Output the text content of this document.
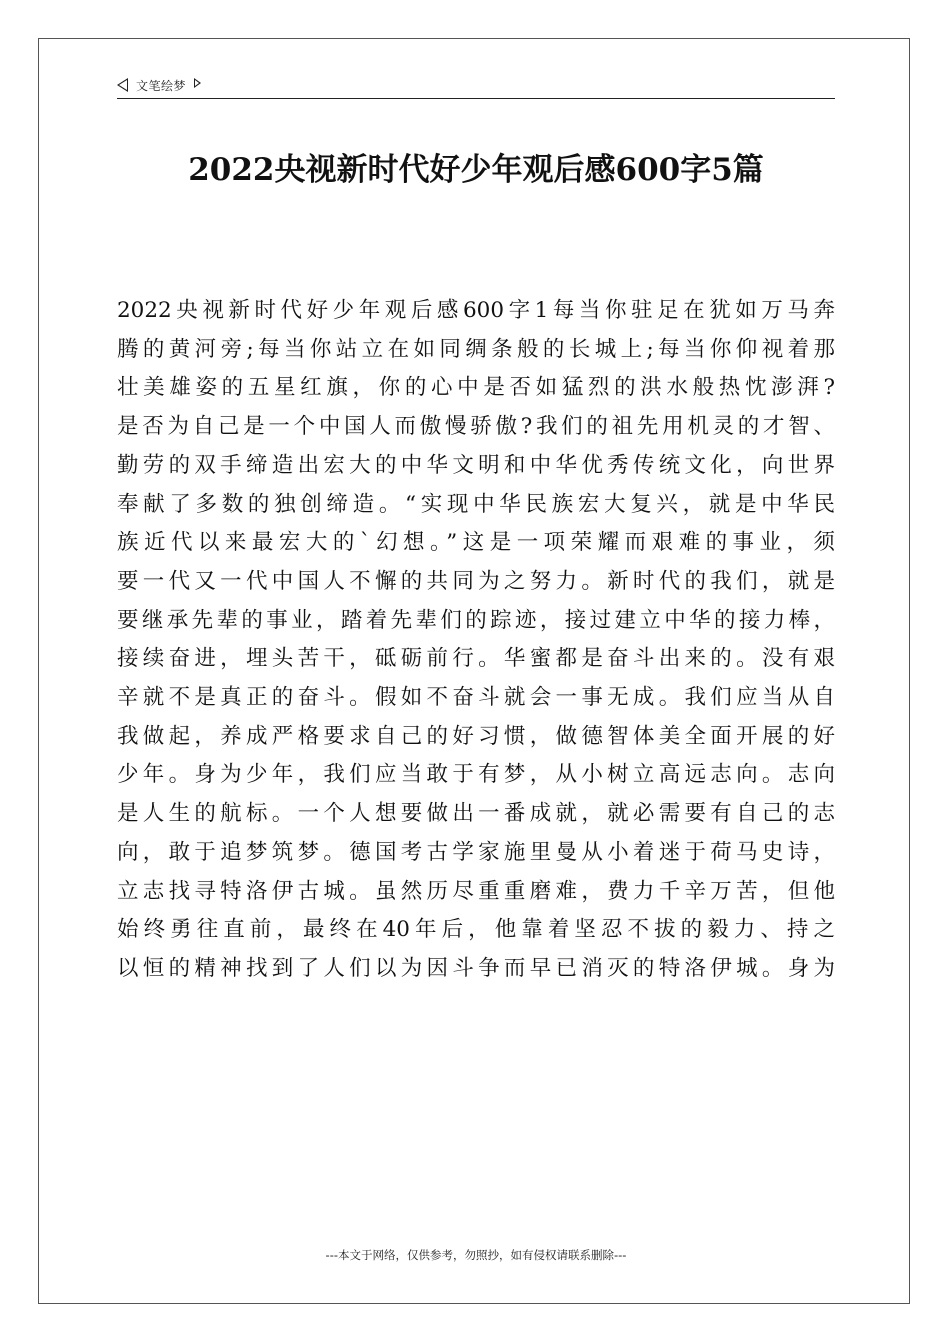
文笔绘梦
2022央视新时代好少年观后感600字5篇
2022央视新时代好少年观后感600字1每当你驻足在犹如万马奔
腾的黄河旁;每当你站立在如同绸条般的长城上;每当你仰视着那
壮美雄姿的五星红旗，你的心中是否如猛烈的洪水般热忱澎湃?
是否为自己是一个中国人而傲慢骄傲?我们的祖先用机灵的才智、
勤劳的双手缔造出宏大的中华文明和中华优秀传统文化，向世界
奉献了多数的独创缔造。“实现中华民族宏大复兴，就是中华民
族近代以来最宏大的`幻想。”这是一项荣耀而艰难的事业，须
要一代又一代中国人不懈的共同为之努力。新时代的我们，就是
要继承先辈的事业，踏着先辈们的踪迹，接过建立中华的接力棒，
接续奋进，埋头苦干，砥砺前行。华蜜都是奋斗出来的。没有艰
辛就不是真正的奋斗。假如不奋斗就会一事无成。我们应当从自
我做起，养成严格要求自己的好习惯，做德智体美全面开展的好
少年。身为少年，我们应当敢于有梦，从小树立高远志向。志向
是人生的航标。一个人想要做出一番成就，就必需要有自己的志
向，敢于追梦筑梦。德国考古学家施里曼从小着迷于荷马史诗，
立志找寻特洛伊古城。虽然历尽重重磨难，费力千辛万苦，但他
始终勇往直前，最终在40年后，他靠着坚忍不拔的毅力、持之
以恒的精神找到了人们以为因斗争而早已消灭的特洛伊城。身为
---本文于网络，仅供参考，勿照抄，如有侵权请联系删除---
